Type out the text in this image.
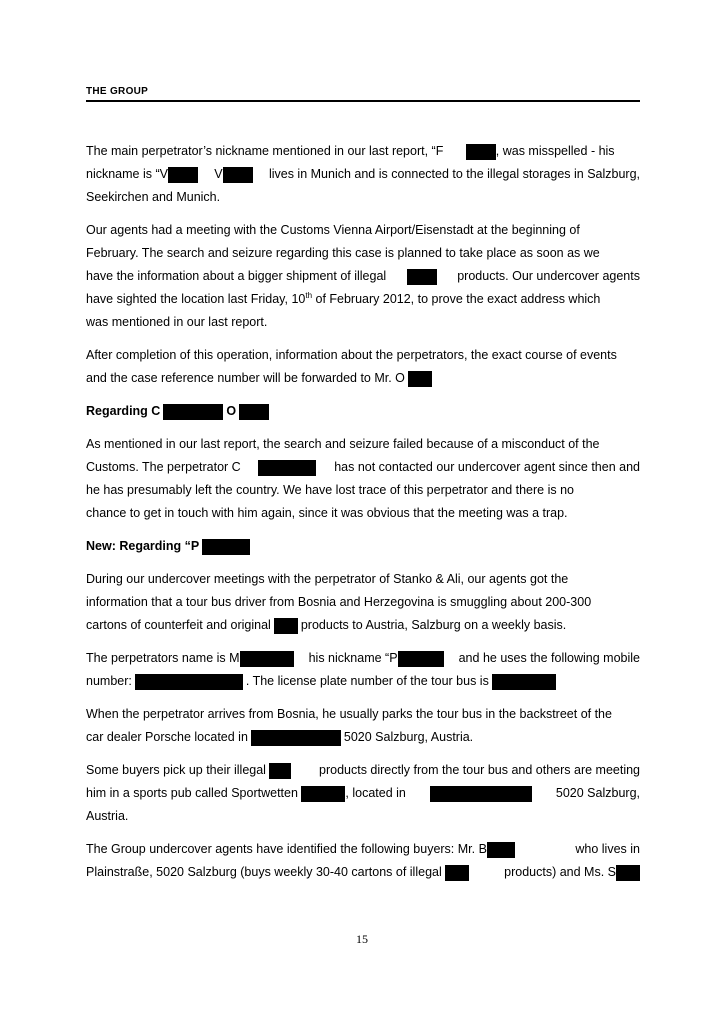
THE GROUP
The main perpetrator’s nickname mentioned in our last report, “F	, was misspelled - his
nickname is “V	V	lives in Munich and is connected to the illegal storages in Salzburg,
Seekirchen and Munich.
Our agents had a meeting with the Customs Vienna Airport/Eisenstadt at the beginning of
February. The search and seizure regarding this case is planned to take place as soon as we
have the information about a bigger shipment of illegal	products. Our undercover agents
have sighted the location last Friday, 10th of February 2012, to prove the exact address which
was mentioned in our last report.
After completion of this operation, information about the perpetrators, the exact course of events
and the case reference number will be forwarded to Mr. O
Regarding C	O
As mentioned in our last report, the search and seizure failed because of a misconduct of the
Customs. The perpetrator C	has not contacted our undercover agent since then and
he has presumably left the country. We have lost trace of this perpetrator and there is no
chance to get in touch with him again, since it was obvious that the meeting was a trap.
New: Regarding “P
During our undercover meetings with the perpetrator of Stanko & Ali, our agents got the
information that a tour bus driver from Bosnia and Herzegovina is smuggling about 200-300
cartons of counterfeit and original products to Austria, Salzburg on a weekly basis.
The perpetrators name is M	his nickname “P	and he uses the following mobile
number:	. The license plate number of the tour bus is
When the perpetrator arrives from Bosnia, he usually parks the tour bus in the backstreet of the
car dealer Porsche located in	5020 Salzburg, Austria.
Some buyers pick up their illegal	products directly from the tour bus and others are meeting
him in a sports pub called Sportwetten	, located in	5020 Salzburg,
Austria.
The Group undercover agents have identified the following buyers: Mr. B	who lives in
Plainstraße, 5020 Salzburg (buys weekly 30-40 cartons of illegal	products) and Ms. S
15
